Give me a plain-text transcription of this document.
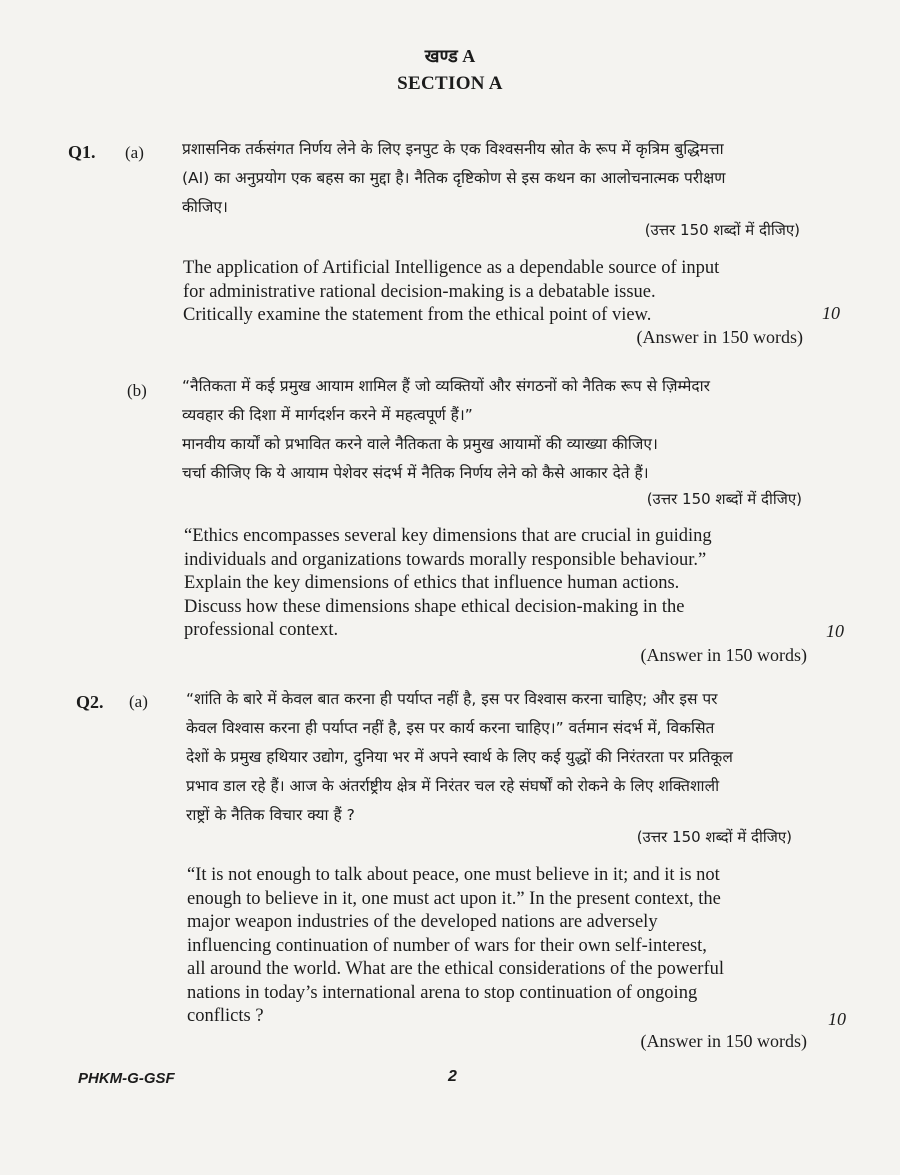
खण्ड A
SECTION A
Q1. (a) प्रशासनिक तर्कसंगत निर्णय लेने के लिए इनपुट के एक विश्वसनीय स्रोत के रूप में कृत्रिम बुद्धिमत्ता
(AI) का अनुप्रयोग एक बहस का मुद्दा है। नैतिक दृष्टिकोण से इस कथन का आलोचनात्मक परीक्षण
कीजिए।
(उत्तर 150 शब्दों में दीजिए)
The application of Artificial Intelligence as a dependable source of input
for administrative rational decision-making is a debatable issue.
Critically examine the statement from the ethical point of view.	10
(Answer in 150 words)
(b) “नैतिकता में कई प्रमुख आयाम शामिल हैं जो व्यक्तियों और संगठनों को नैतिक रूप से ज़िम्मेदार
व्यवहार की दिशा में मार्गदर्शन करने में महत्वपूर्ण हैं।”
मानवीय कार्यों को प्रभावित करने वाले नैतिकता के प्रमुख आयामों की व्याख्या कीजिए।
चर्चा कीजिए कि ये आयाम पेशेवर संदर्भ में नैतिक निर्णय लेने को कैसे आकार देते हैं।
(उत्तर 150 शब्दों में दीजिए)
“Ethics encompasses several key dimensions that are crucial in guiding
individuals and organizations towards morally responsible behaviour.”
Explain the key dimensions of ethics that influence human actions.
Discuss how these dimensions shape ethical decision-making in the
professional context.	10
(Answer in 150 words)
Q2. (a) “शांति के बारे में केवल बात करना ही पर्याप्त नहीं है, इस पर विश्वास करना चाहिए; और इस पर
केवल विश्वास करना ही पर्याप्त नहीं है, इस पर कार्य करना चाहिए।” वर्तमान संदर्भ में, विकसित
देशों के प्रमुख हथियार उद्योग, दुनिया भर में अपने स्वार्थ के लिए कई युद्धों की निरंतरता पर प्रतिकूल
प्रभाव डाल रहे हैं। आज के अंतर्राष्ट्रीय क्षेत्र में निरंतर चल रहे संघर्षों को रोकने के लिए शक्तिशाली
राष्ट्रों के नैतिक विचार क्या हैं ?
(उत्तर 150 शब्दों में दीजिए)
“It is not enough to talk about peace, one must believe in it; and it is not
enough to believe in it, one must act upon it.” In the present context, the
major weapon industries of the developed nations are adversely
influencing continuation of number of wars for their own self-interest,
all around the world. What are the ethical considerations of the powerful
nations in today’s international arena to stop continuation of ongoing
conflicts ?	10
(Answer in 150 words)
PHKM-G-GSF	2
